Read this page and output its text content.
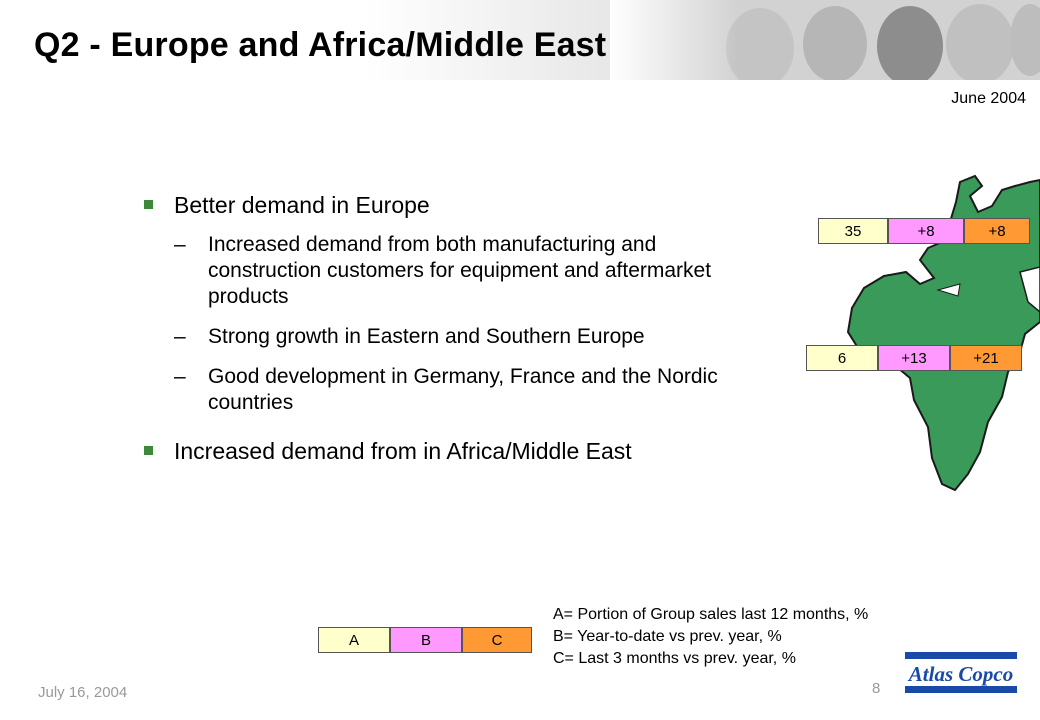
Q2 - Europe and Africa/Middle East
June 2004
Better demand in Europe
– Increased demand from both manufacturing and construction customers for equipment and aftermarket products
– Strong growth in Eastern and Southern Europe
– Good development in Germany, France and the Nordic countries
Increased demand from in Africa/Middle East
35	+8	+8
6	+13	+21
A	B	C
A= Portion of Group sales last 12 months, %
B= Year-to-date vs prev. year, %
C= Last 3 months vs prev. year, %
July 16, 2004	8
Atlas Copco
